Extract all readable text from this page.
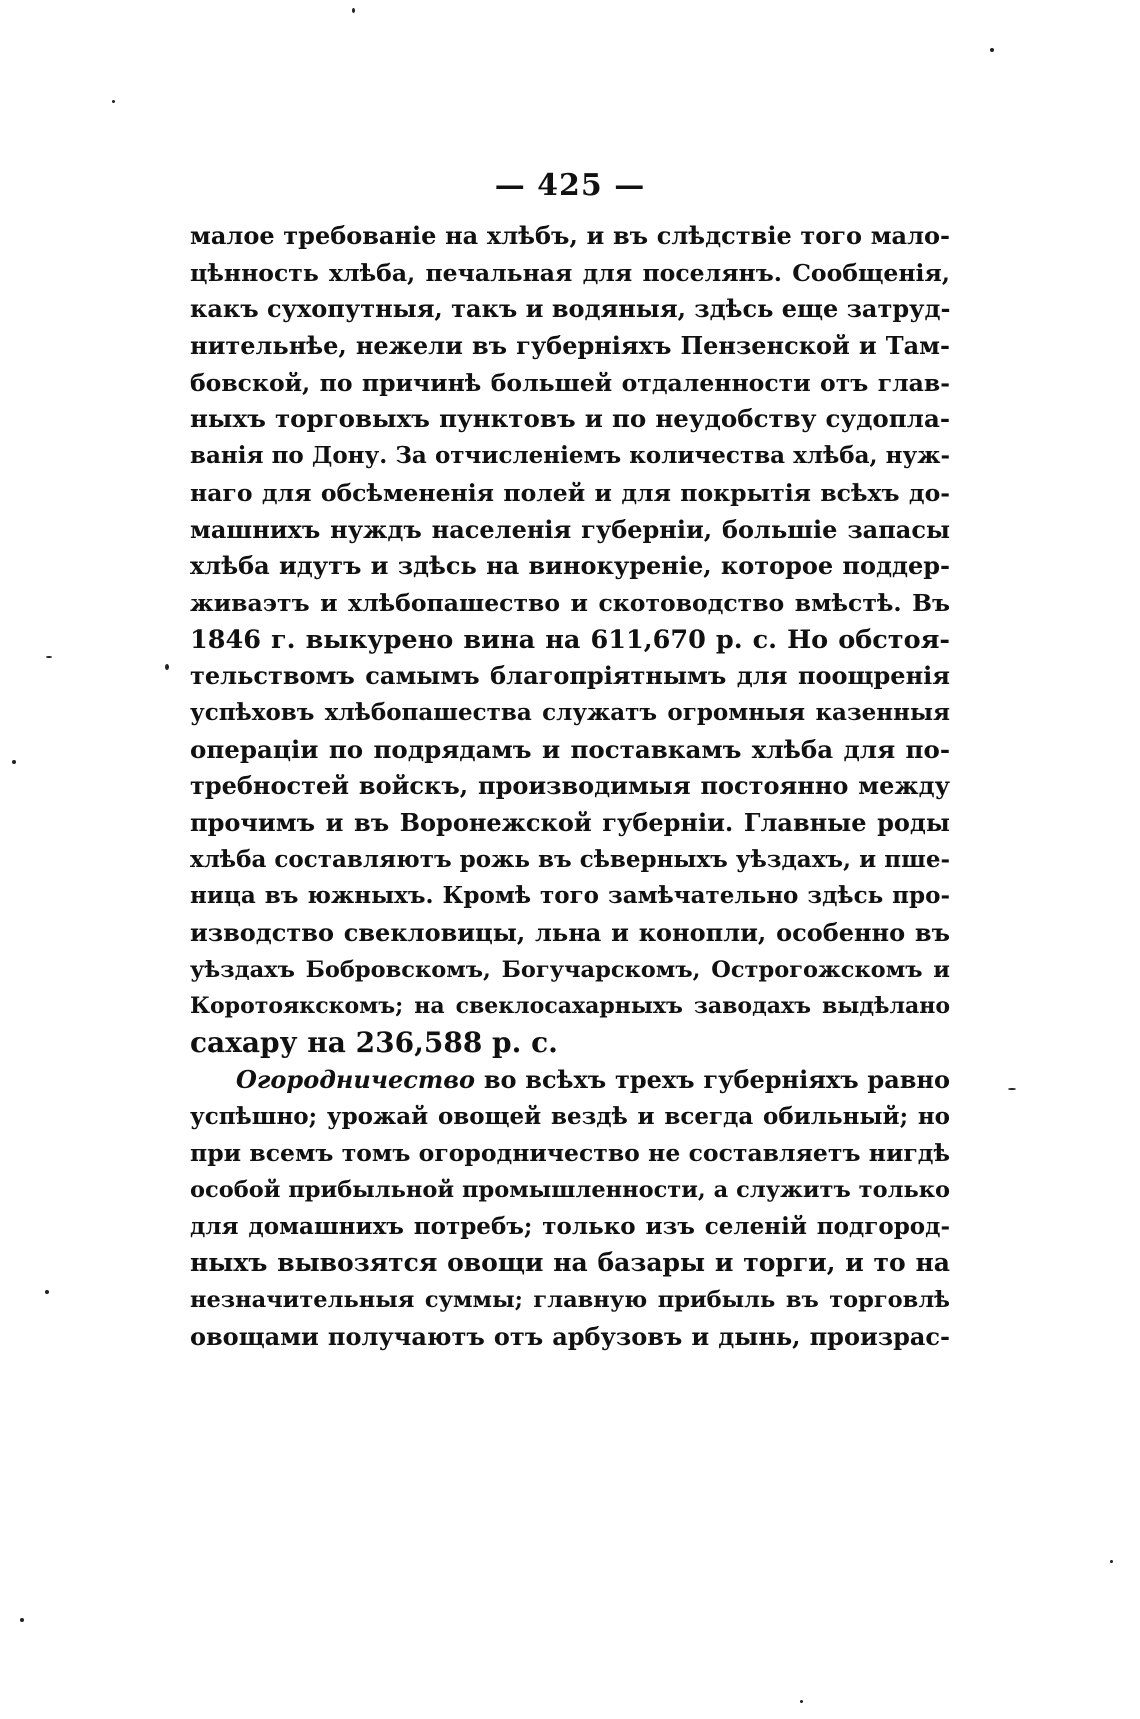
— 425 —
малое требованіе на хлѣбъ, и въ слѣдствіе того мало-
цѣнность хлѣба, печальная для поселянъ. Сообщенія,
какъ сухопутныя, такъ и водяныя, здѣсь еще затруд-
нительнѣе, нежели въ губерніяхъ Пензенской и Там-
бовской, по причинѣ большей отдаленности отъ глав-
ныхъ торговыхъ пунктовъ и по неудобству судопла-
ванія по Дону. За отчисленіемъ количества хлѣба, нуж-
наго для обсѣмененія полей и для покрытія всѣхъ до-
машнихъ нуждъ населенія губерніи, большіе запасы
хлѣба идутъ и здѣсь на винокуреніе, которое поддер-
живаэтъ и хлѣбопашество и скотоводство вмѣстѣ. Въ
1846 г. выкурено вина на 611,670 р. с. Но обстоя-
тельствомъ самымъ благопріятнымъ для поощренія
успѣховъ хлѣбопашества служатъ огромныя казенныя
операціи по подрядамъ и поставкамъ хлѣба для по-
требностей войскъ, производимыя постоянно между
прочимъ и въ Воронежской губерніи. Главные роды
хлѣба составляютъ рожь въ сѣверныхъ уѣздахъ, и пше-
ница въ южныхъ. Кромѣ того замѣчательно здѣсь про-
изводство свекловицы, льна и конопли, особенно въ
уѣздахъ Бобровскомъ, Богучарскомъ, Острогожскомъ и
Коротоякскомъ; на свеклосахарныхъ заводахъ выдѣлано
сахару на 236,588 р. с.
Огородничество во всѣхъ трехъ губерніяхъ равно
успѣшно; урожай овощей вездѣ и всегда обильный; но
при всемъ томъ огородничество не составляетъ нигдѣ
особой прибыльной промышленности, а служитъ только
для домашнихъ потребъ; только изъ селеній подгород-
ныхъ вывозятся овощи на базары и торги, и то на
незначительныя суммы; главную прибыль въ торговлѣ
овощами получаютъ отъ арбузовъ и дынь, произрас-
